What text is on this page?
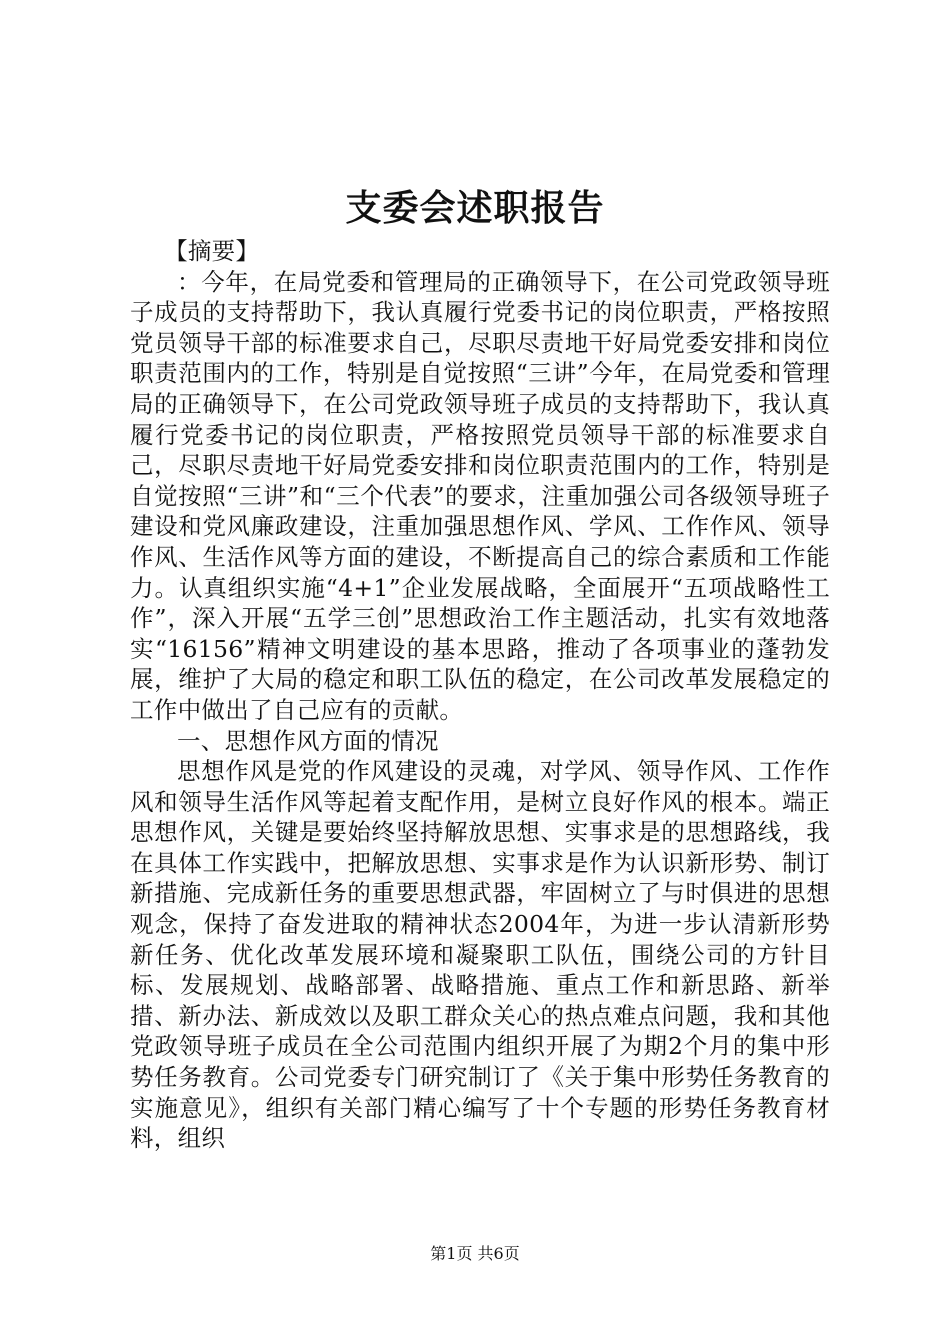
支委会述职报告

【摘要】

：今年，在局党委和管理局的正确领导下，在公司党政领导班子成员的支持帮助下，我认真履行党委书记的岗位职责，严格按照党员领导干部的标准要求自己，尽职尽责地干好局党委安排和岗位职责范围内的工作，特别是自觉按照“三讲”今年，在局党委和管理局的正确领导下，在公司党政领导班子成员的支持帮助下，我认真履行党委书记的岗位职责，严格按照党员领导干部的标准要求自己，尽职尽责地干好局党委安排和岗位职责范围内的工作，特别是自觉按照“三讲”和“三个代表”的要求，注重加强公司各级领导班子建设和党风廉政建设，注重加强思想作风、学风、工作作风、领导作风、生活作风等方面的建设，不断提高自己的综合素质和工作能力。认真组织实施“4+1”企业发展战略，全面展开“五项战略性工作”，深入开展“五学三创”思想政治工作主题活动，扎实有效地落实“16156”精神文明建设的基本思路，推动了各项事业的蓬勃发展，维护了大局的稳定和职工队伍的稳定，在公司改革发展稳定的工作中做出了自己应有的贡献。

一、思想作风方面的情况

思想作风是党的作风建设的灵魂，对学风、领导作风、工作作风和领导生活作风等起着支配作用，是树立良好作风的根本。端正思想作风，关键是要始终坚持解放思想、实事求是的思想路线，我在具体工作实践中，把解放思想、实事求是作为认识新形势、制订新措施、完成新任务的重要思想武器，牢固树立了与时俱进的思想观念，保持了奋发进取的精神状态2004年，为进一步认清新形势新任务、优化改革发展环境和凝聚职工队伍，围绕公司的方针目标、发展规划、战略部署、战略措施、重点工作和新思路、新举措、新办法、新成效以及职工群众关心的热点难点问题，我和其他党政领导班子成员在全公司范围内组织开展了为期2个月的集中形势任务教育。公司党委专门研究制订了《关于集中形势任务教育的实施意见》，组织有关部门精心编写了十个专题的形势任务教育材料，组织

第1页 共6页
